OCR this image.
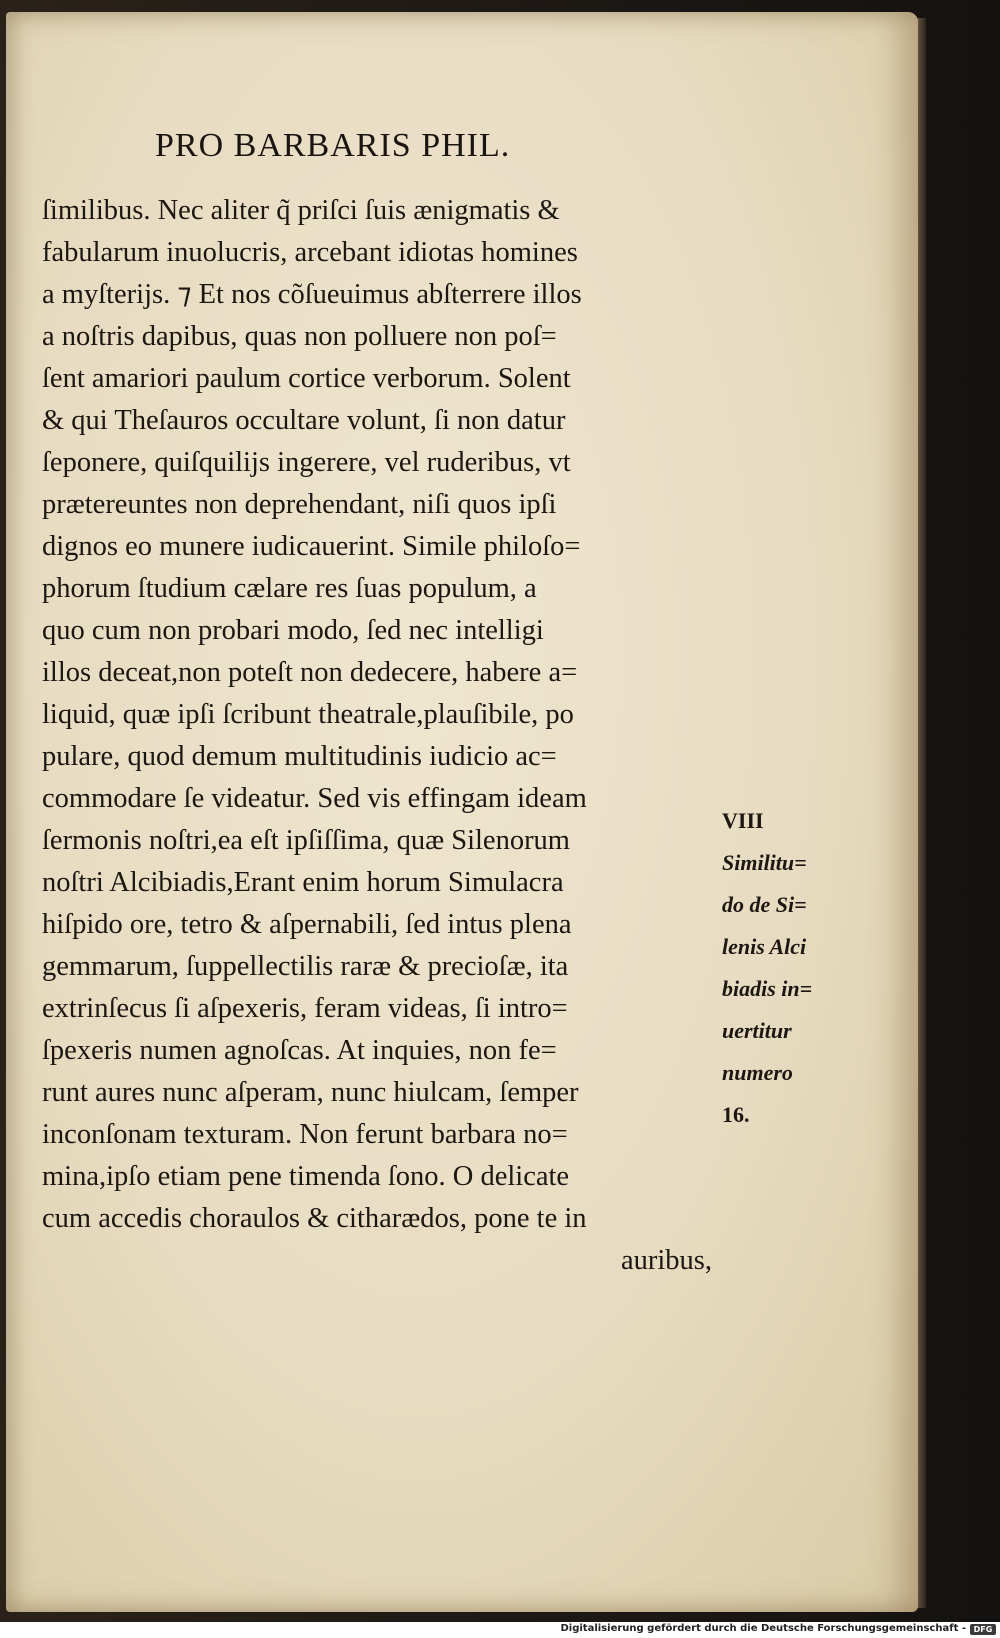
PRO BARBARIS PHIL.
ſimilibus. Nec aliter q̃ priſci ſuis ænigmatis &
fabularum inuolucris, arcebant idiotas homines
a myſterijs. ⁊ Et nos cõſueuimus abſterrere illos
a noſtris dapibus, quas non polluere non poſ=
ſent amariori paulum cortice verborum. Solent
& qui Theſauros occultare volunt, ſi non datur
ſeponere, quiſquilijs ingerere, vel ruderibus, vt
prætereuntes non deprehendant, niſi quos ipſi
dignos eo munere iudicauerint. Simile philoſo=
phorum ſtudium cælare res ſuas populum, a
quo cum non probari modo, ſed nec intelligi
illos deceat,non poteſt non dedecere, habere a=
liquid, quæ ipſi ſcribunt theatrale,plauſibile, po
pulare, quod demum multitudinis iudicio ac=
commodare ſe videatur. Sed vis effingam ideam
ſermonis noſtri,ea eſt ipſiſſima, quæ Silenorum
noſtri Alcibiadis,Erant enim horum Simulacra
hiſpido ore, tetro & aſpernabili, ſed intus plena
gemmarum, ſuppellectilis raræ & precioſæ, ita
extrinſecus ſi aſpexeris, feram videas, ſi intro=
ſpexeris numen agnoſcas. At inquies, non fe=
runt aures nunc aſperam, nunc hiulcam, ſemper
inconſonam texturam. Non ferunt barbara no=
mina,ipſo etiam pene timenda ſono. O delicate
cum accedis choraulos & citharædos, pone te in
auribus,
VIII
Similitu=
do de Si=
lenis Alci
biadis in=
uertitur
numero
16.
Digitalisierung gefördert durch die Deutsche Forschungsgemeinschaft - DFG
